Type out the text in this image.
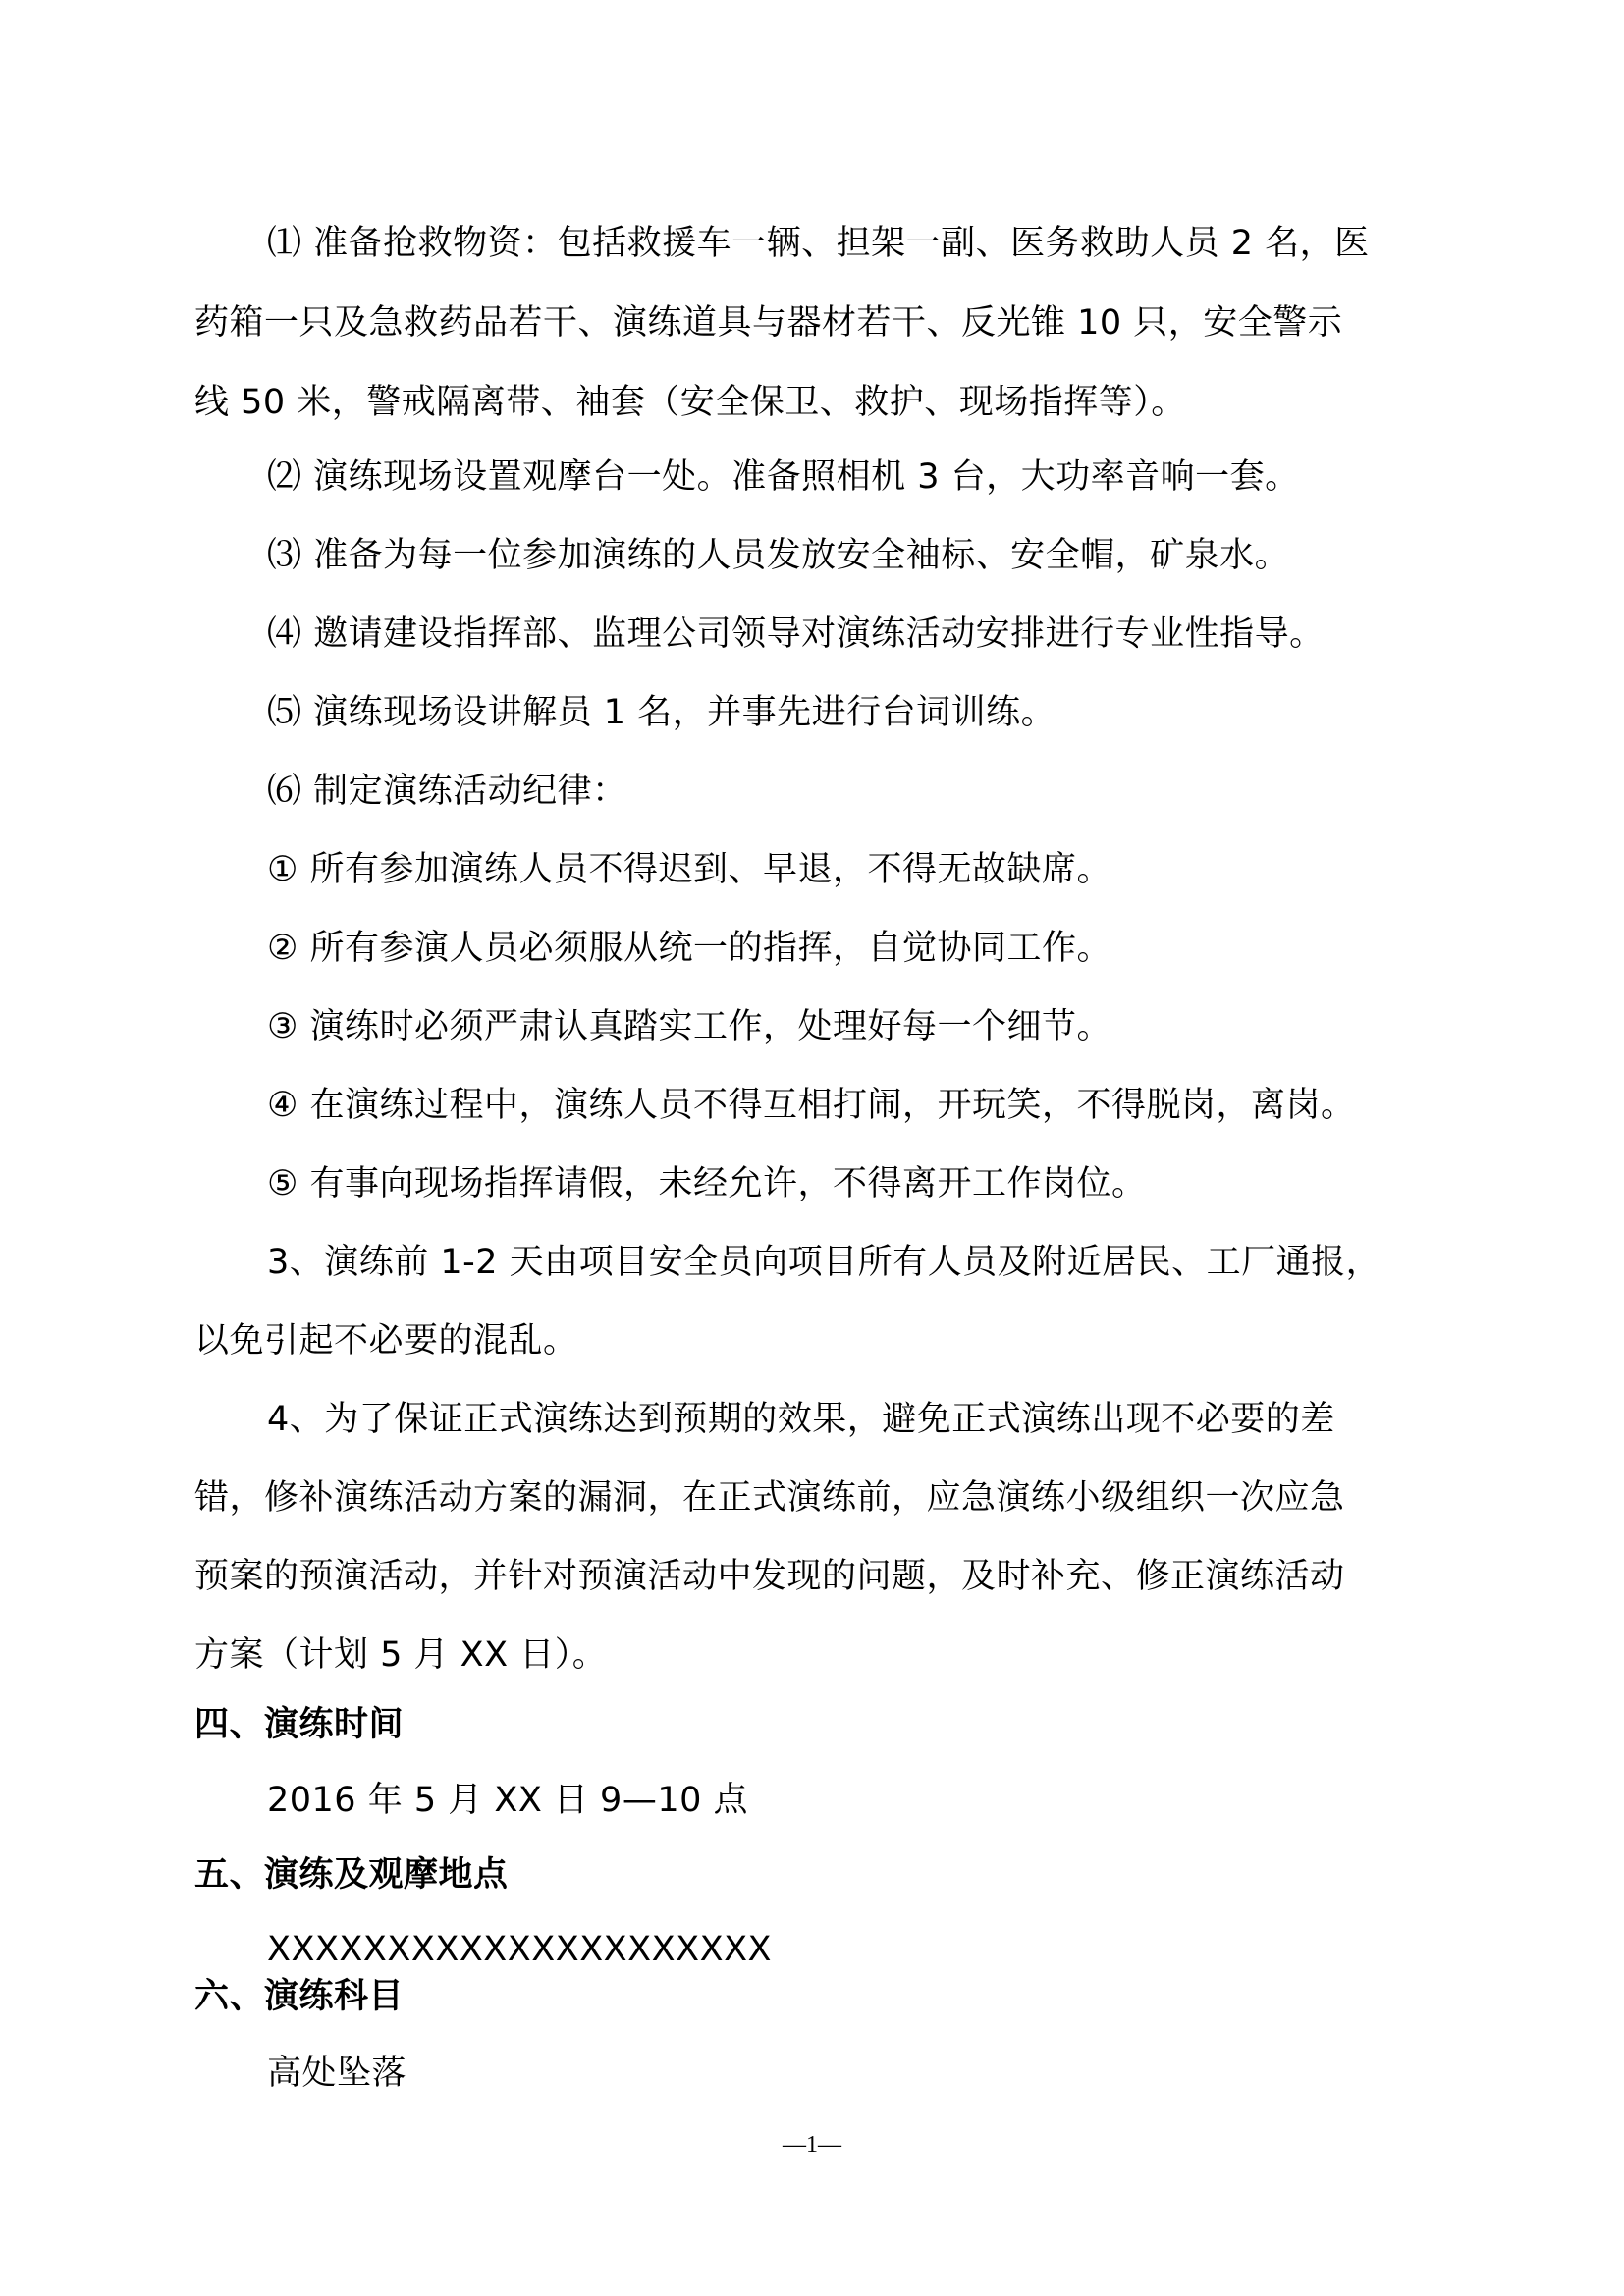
⑴ 准备抢救物资：包括救援车一辆、担架一副、医务救助人员 2 名，医
药箱一只及急救药品若干、演练道具与器材若干、反光锥 10 只，安全警示
线 50 米，警戒隔离带、袖套（安全保卫、救护、现场指挥等）。
⑵ 演练现场设置观摩台一处。准备照相机 3 台，大功率音响一套。
⑶ 准备为每一位参加演练的人员发放安全袖标、安全帽，矿泉水。
⑷ 邀请建设指挥部、监理公司领导对演练活动安排进行专业性指导。
⑸ 演练现场设讲解员 1 名，并事先进行台词训练。
⑹ 制定演练活动纪律：
① 所有参加演练人员不得迟到、早退，不得无故缺席。
② 所有参演人员必须服从统一的指挥，自觉协同工作。
③ 演练时必须严肃认真踏实工作，处理好每一个细节。
④ 在演练过程中，演练人员不得互相打闹，开玩笑，不得脱岗，离岗。
⑤ 有事向现场指挥请假，未经允许，不得离开工作岗位。
3、演练前 1-2 天由项目安全员向项目所有人员及附近居民、工厂通报，
以免引起不必要的混乱。
4、为了保证正式演练达到预期的效果，避免正式演练出现不必要的差
错，修补演练活动方案的漏洞，在正式演练前，应急演练小级组织一次应急
预案的预演活动，并针对预演活动中发现的问题，及时补充、修正演练活动
方案（计划 5 月 XX 日）。
四、演练时间
2016 年 5 月 XX 日 9—10 点
五、演练及观摩地点
XXXXXXXXXXXXXXXXXXXXX
六、演练科目
高处坠落
—1—
